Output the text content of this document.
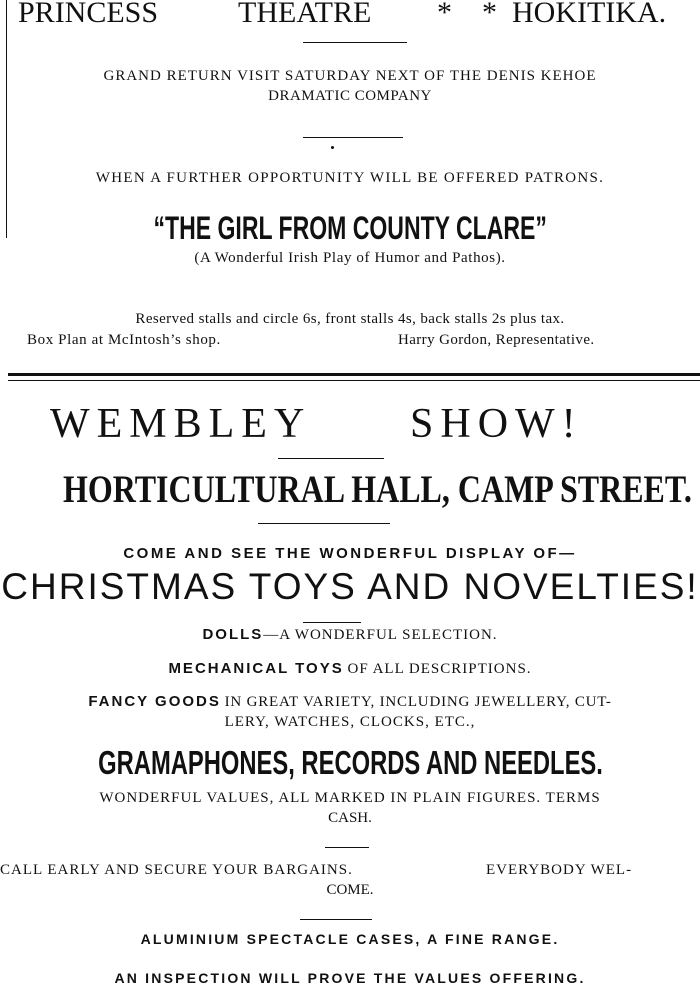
PRINCESS	THEATRE * * HOKITIKA.
GRAND RETURN VISIT SATURDAY NEXT OF THE DENIS KEHOE
DRAMATIC COMPANY
WHEN A FURTHER OPPORTUNITY WILL BE OFFERED PATRONS.
“THE GIRL FROM COUNTY CLARE”
(A Wonderful Irish Play of Humor and Pathos).
Reserved stalls and circle 6s, front stalls 4s, back stalls 2s plus tax.
Box Plan at McIntosh’s shop.	Harry Gordon, Representative.
WEMBLEY SHOW!
HORTICULTURAL HALL, CAMP STREET.
COME AND SEE THE WONDERFUL DISPLAY OF—
CHRISTMAS TOYS AND NOVELTIES!
DOLLS—A WONDERFUL SELECTION.
MECHANICAL TOYS OF ALL DESCRIPTIONS.
FANCY GOODS IN GREAT VARIETY, INCLUDING JEWELLERY, CUT-
LERY, WATCHES, CLOCKS, ETC.,
GRAMAPHONES, RECORDS AND NEEDLES.
WONDERFUL VALUES, ALL MARKED IN PLAIN FIGURES. TERMS
CASH.
CALL EARLY AND SECURE YOUR BARGAINS.	EVERYBODY WEL-
COME.
ALUMINIUM SPECTACLE CASES, A FINE RANGE.
AN INSPECTION WILL PROVE THE VALUES OFFERING.
